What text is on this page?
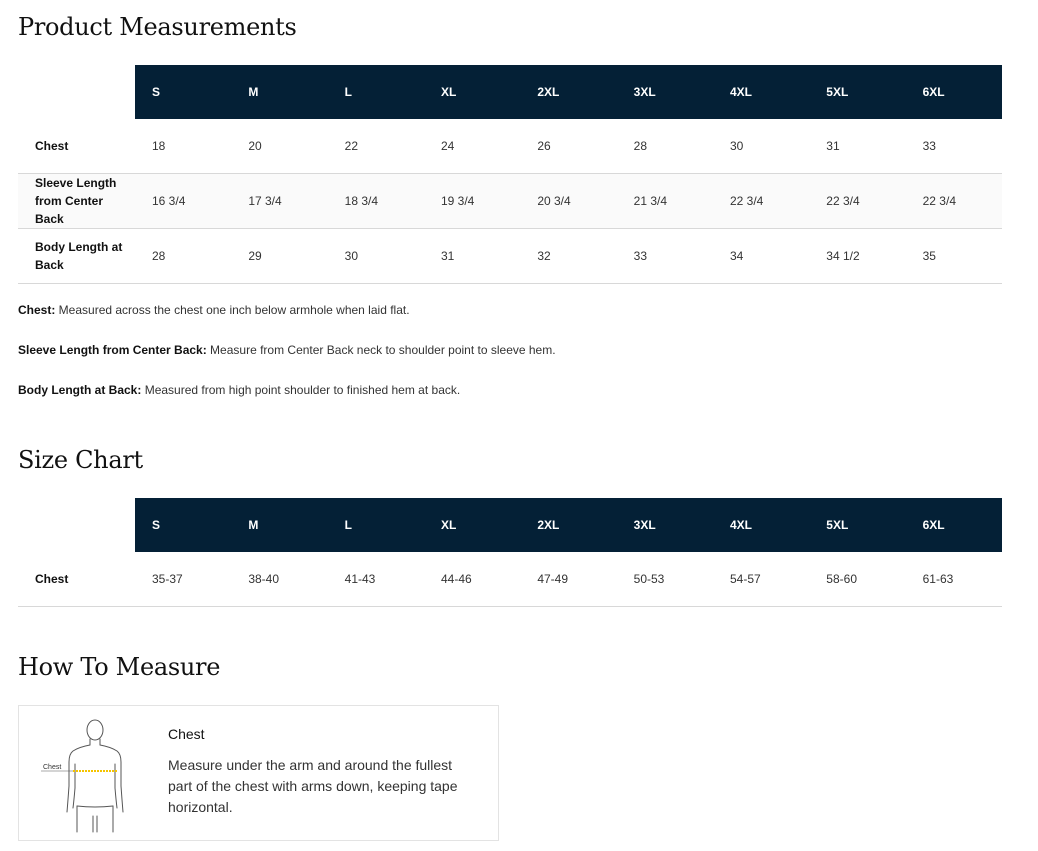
Product Measurements
	S	M	L	XL	2XL	3XL	4XL	5XL	6XL
Chest	18	20	22	24	26	28	30	31	33
Sleeve Length from Center Back	16 3/4	17 3/4	18 3/4	19 3/4	20 3/4	21 3/4	22 3/4	22 3/4	22 3/4
Body Length at Back	28	29	30	31	32	33	34	34 1/2	35

Chest: Measured across the chest one inch below armhole when laid flat.

Sleeve Length from Center Back: Measure from Center Back neck to shoulder point to sleeve hem.

Body Length at Back: Measured from high point shoulder to finished hem at back.

Size Chart
	S	M	L	XL	2XL	3XL	4XL	5XL	6XL
Chest	35-37	38-40	41-43	44-46	47-49	50-53	54-57	58-60	61-63
How To Measure
Chest
Chest

Measure under the arm and around the fullest part of the chest with arms down, keeping tape horizontal.
